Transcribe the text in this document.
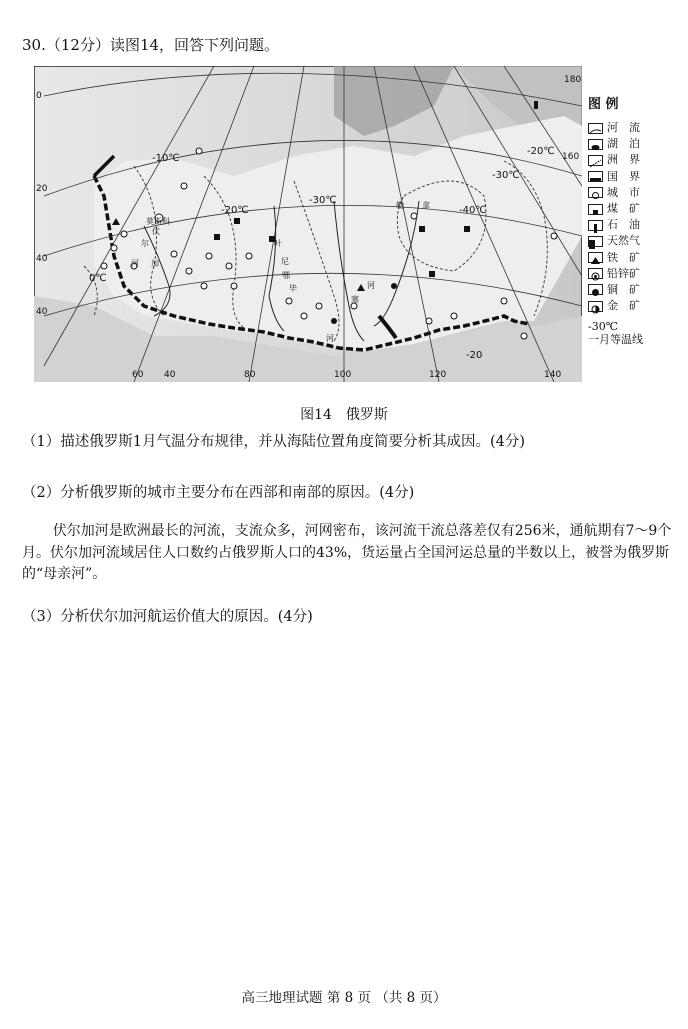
30.（12分）读图14，回答下列问题。
0
20
40
40
60 40	80	100	120	140
160
180
-10℃
-20℃
-30℃
-40℃
-30℃
-20℃
0℃
-20
莫斯科
伏
尔
河 加
叶
尼
塞
河
勒 拿
河
鄂
毕
图 例
河　流
湖　泊
洲　界
国　界
城　市
煤　矿
石　油
天然气
铁　矿
铅锌矿
铜　矿
金　矿
-30℃
一月等温线
图14　俄罗斯
（1）描述俄罗斯1月气温分布规律，并从海陆位置角度简要分析其成因。(4分)
（2）分析俄罗斯的城市主要分布在西部和南部的原因。(4分)
伏尔加河是欧洲最长的河流，支流众多，河网密布，该河流干流总落差仅有256米，通航期有7～9个月。伏尔加河流域居住人口数约占俄罗斯人口的43%，货运量占全国河运总量的半数以上，被誉为俄罗斯的“母亲河”。
（3）分析伏尔加河航运价值大的原因。(4分)
高三地理试题 第 8 页 （共 8 页）
